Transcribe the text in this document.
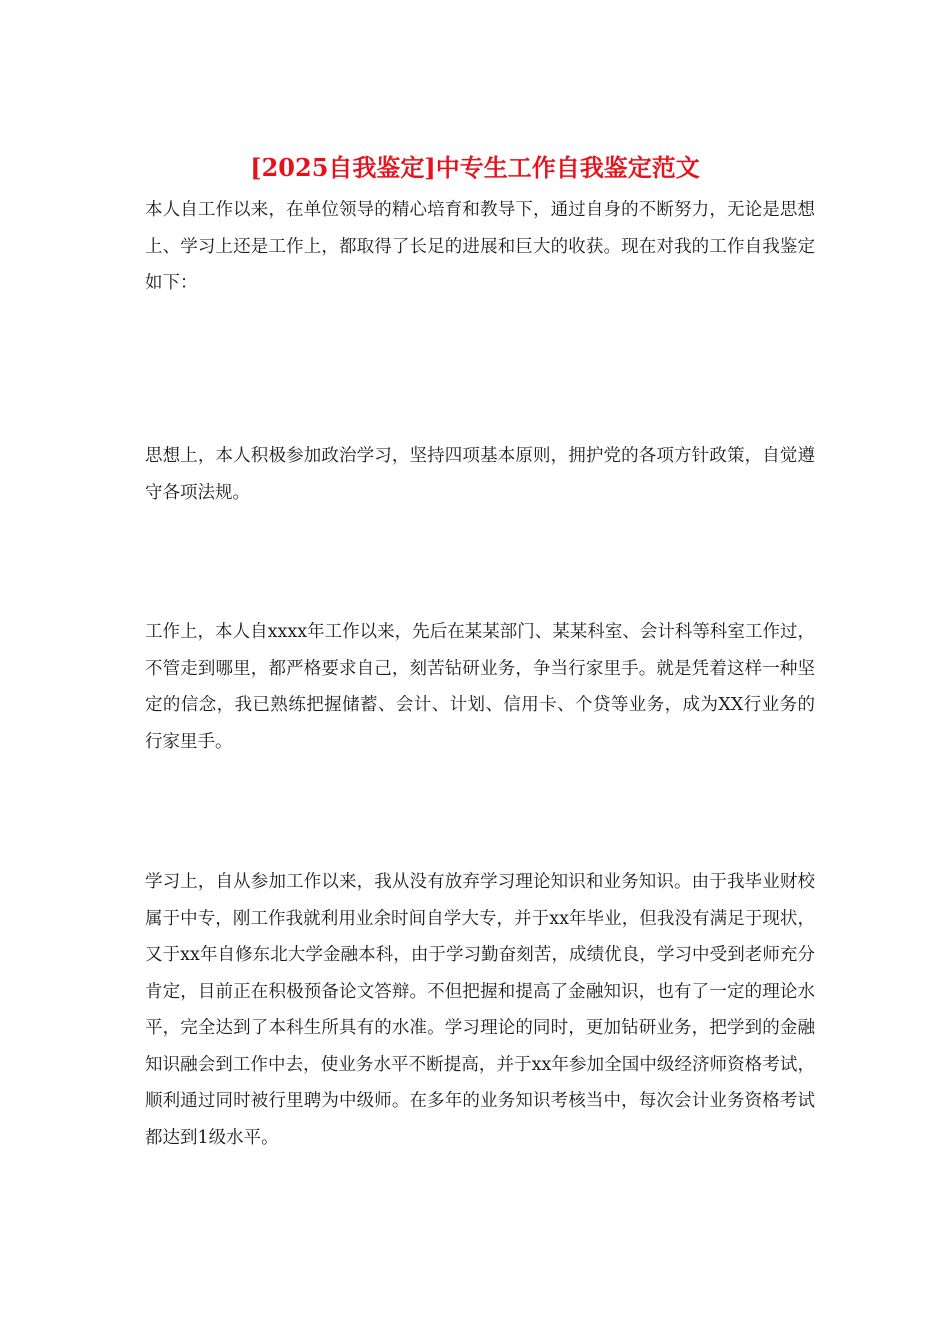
[2025自我鉴定]中专生工作自我鉴定范文

本人自工作以来，在单位领导的精心培育和教导下，通过自身的不断努力，无论是思想上、学习上还是工作上，都取得了长足的进展和巨大的收获。现在对我的工作自我鉴定如下：

思想上，本人积极参加政治学习，坚持四项基本原则，拥护党的各项方针政策，自觉遵守各项法规。

工作上，本人自xxxx年工作以来，先后在某某部门、某某科室、会计科等科室工作过，不管走到哪里，都严格要求自己，刻苦钻研业务，争当行家里手。就是凭着这样一种坚定的信念，我已熟练把握储蓄、会计、计划、信用卡、个贷等业务，成为XX行业务的行家里手。

学习上，自从参加工作以来，我从没有放弃学习理论知识和业务知识。由于我毕业财校属于中专，刚工作我就利用业余时间自学大专，并于xx年毕业，但我没有满足于现状，又于xx年自修东北大学金融本科，由于学习勤奋刻苦，成绩优良，学习中受到老师充分肯定，目前正在积极预备论文答辩。不但把握和提高了金融知识，也有了一定的理论水平，完全达到了本科生所具有的水准。学习理论的同时，更加钻研业务，把学到的金融知识融会到工作中去，使业务水平不断提高，并于xx年参加全国中级经济师资格考试，顺利通过同时被行里聘为中级师。在多年的业务知识考核当中，每次会计业务资格考试都达到1级水平。
